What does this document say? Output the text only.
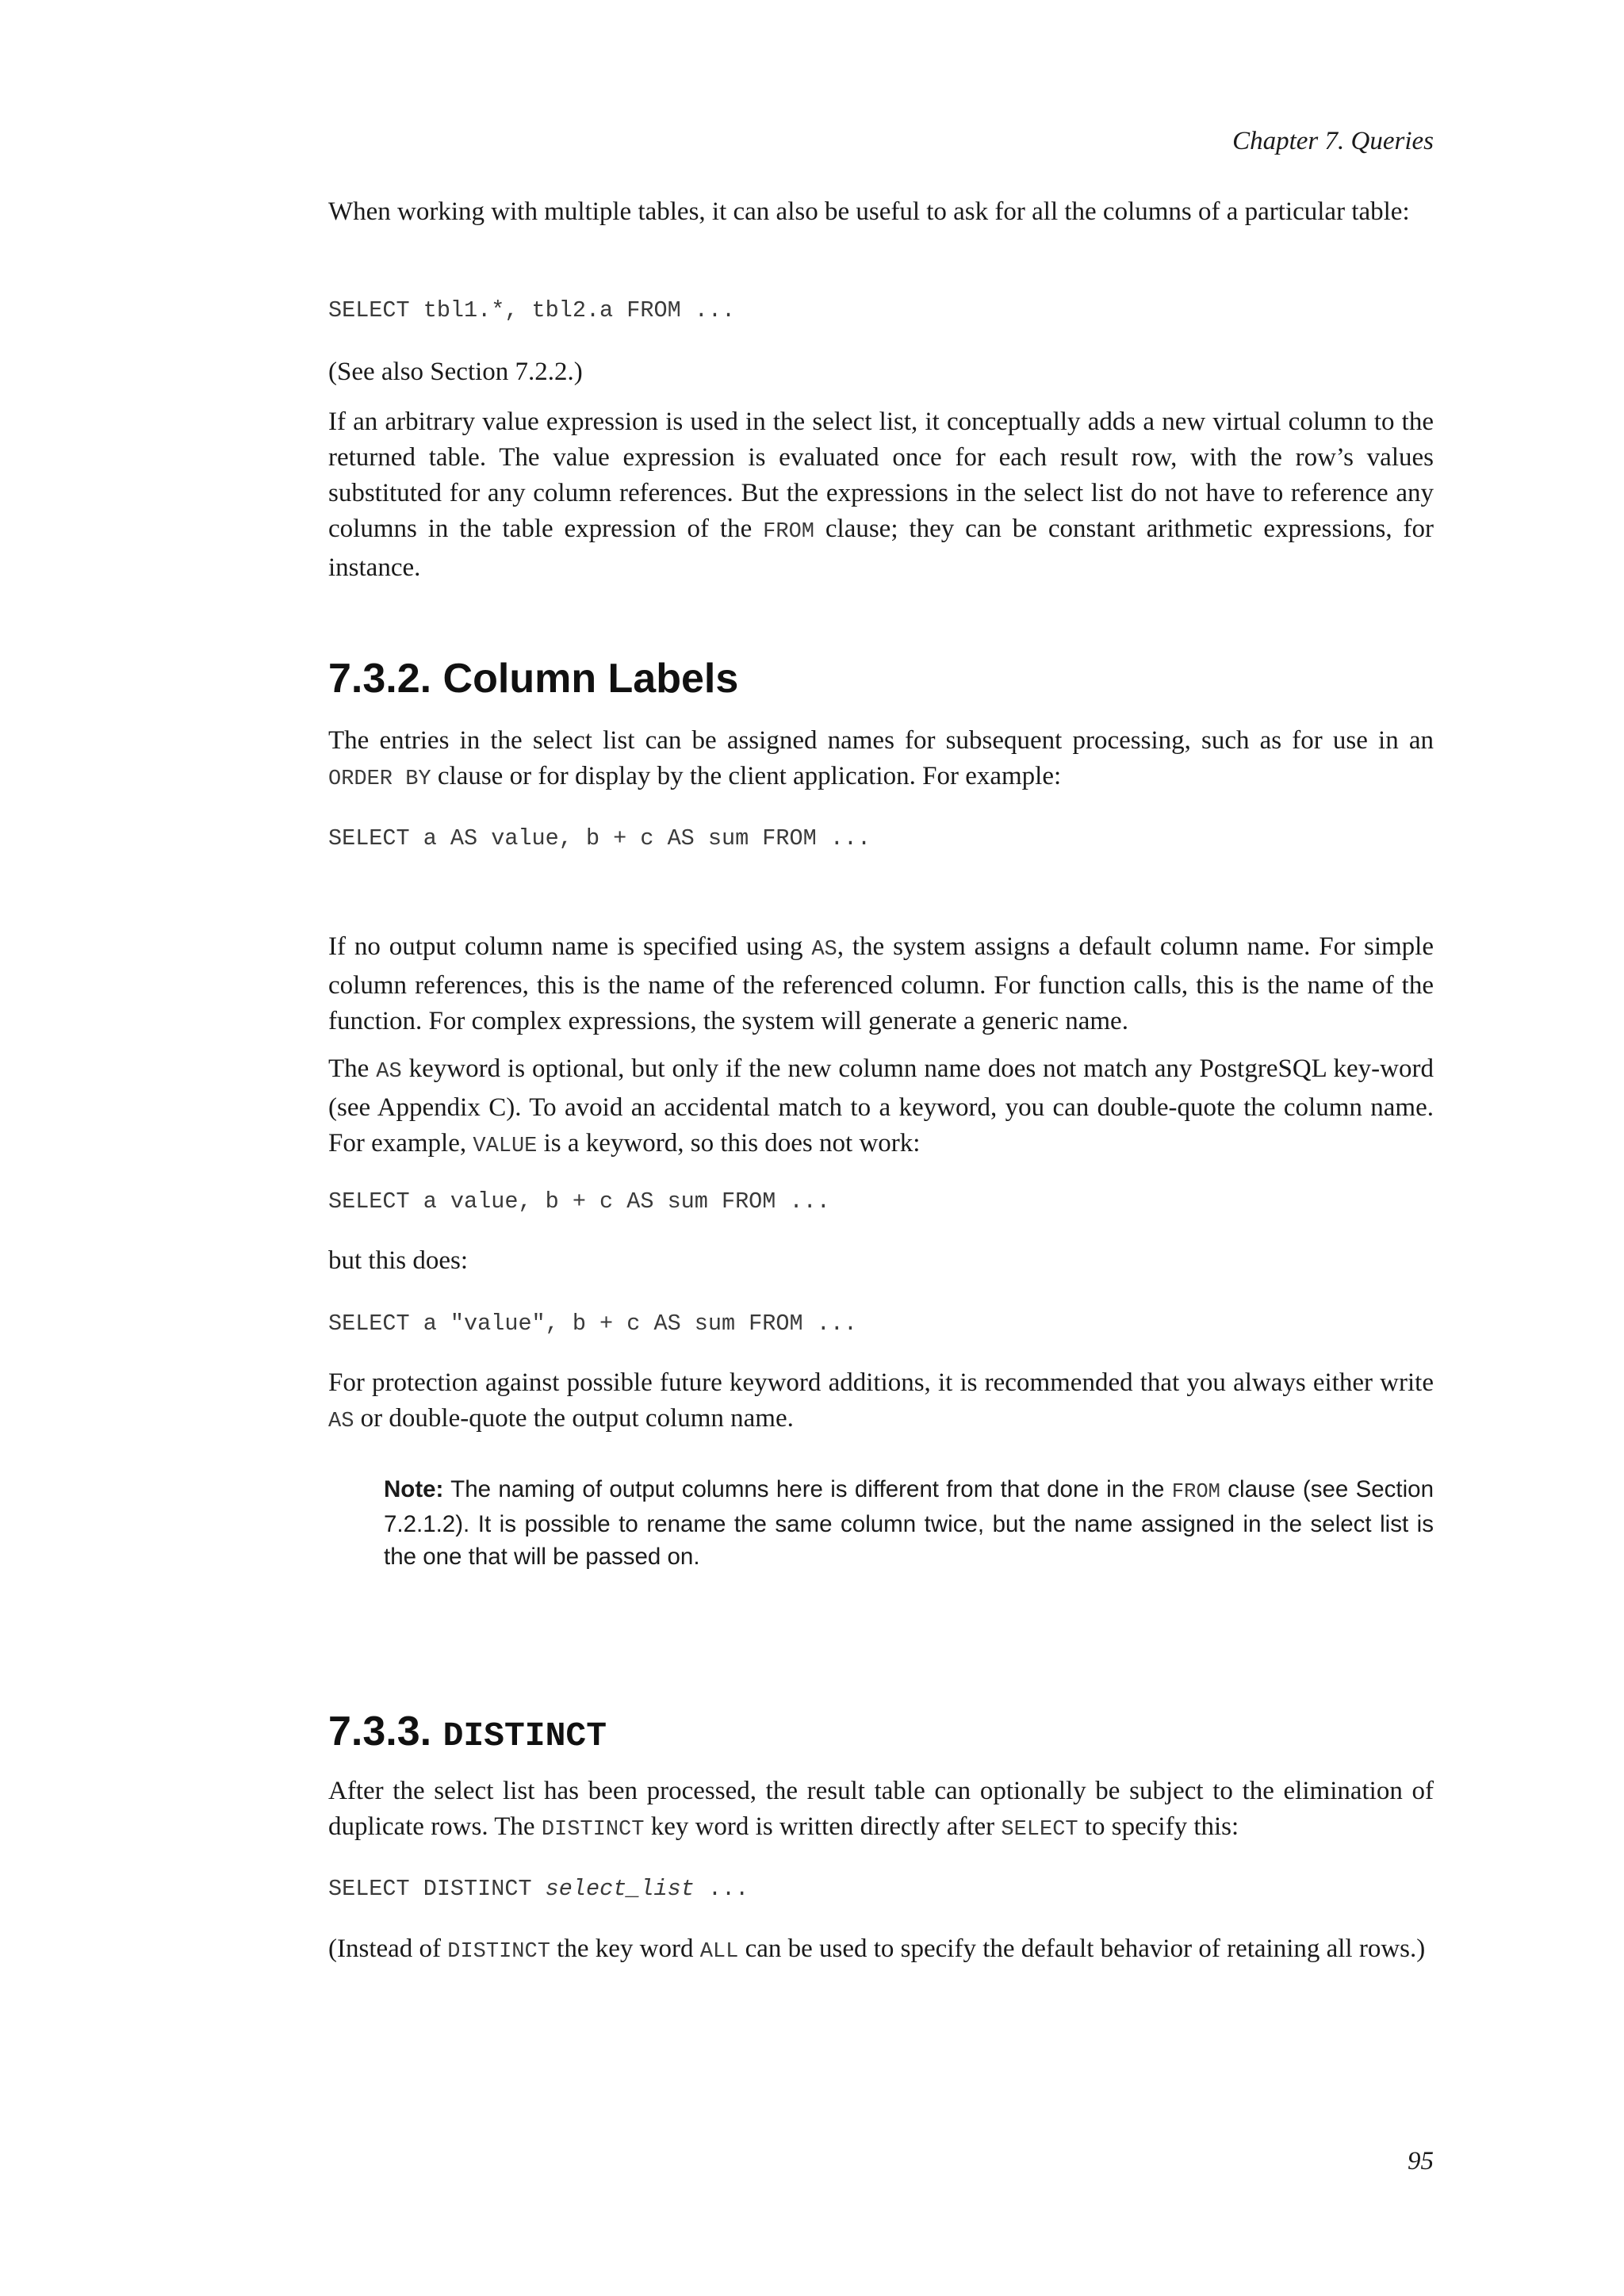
Chapter 7. Queries

When working with multiple tables, it can also be useful to ask for all the columns of a particular table:

SELECT tbl1.*, tbl2.a FROM ...

(See also Section 7.2.2.)

If an arbitrary value expression is used in the select list, it conceptually adds a new virtual column to the returned table. The value expression is evaluated once for each result row, with the row’s values substituted for any column references. But the expressions in the select list do not have to reference any columns in the table expression of the FROM clause; they can be constant arithmetic expressions, for instance.

7.3.2. Column Labels

The entries in the select list can be assigned names for subsequent processing, such as for use in an ORDER BY clause or for display by the client application. For example:

SELECT a AS value, b + c AS sum FROM ...

If no output column name is specified using AS, the system assigns a default column name. For simple column references, this is the name of the referenced column. For function calls, this is the name of the function. For complex expressions, the system will generate a generic name.

The AS keyword is optional, but only if the new column name does not match any PostgreSQL key-word (see Appendix C). To avoid an accidental match to a keyword, you can double-quote the column name. For example, VALUE is a keyword, so this does not work:

SELECT a value, b + c AS sum FROM ...

but this does:

SELECT a "value", b + c AS sum FROM ...

For protection against possible future keyword additions, it is recommended that you always either write AS or double-quote the output column name.

Note: The naming of output columns here is different from that done in the FROM clause (see Section 7.2.1.2). It is possible to rename the same column twice, but the name assigned in the select list is the one that will be passed on.

7.3.3. DISTINCT

After the select list has been processed, the result table can optionally be subject to the elimination of duplicate rows. The DISTINCT key word is written directly after SELECT to specify this:

SELECT DISTINCT select_list ...

(Instead of DISTINCT the key word ALL can be used to specify the default behavior of retaining all rows.)

95
